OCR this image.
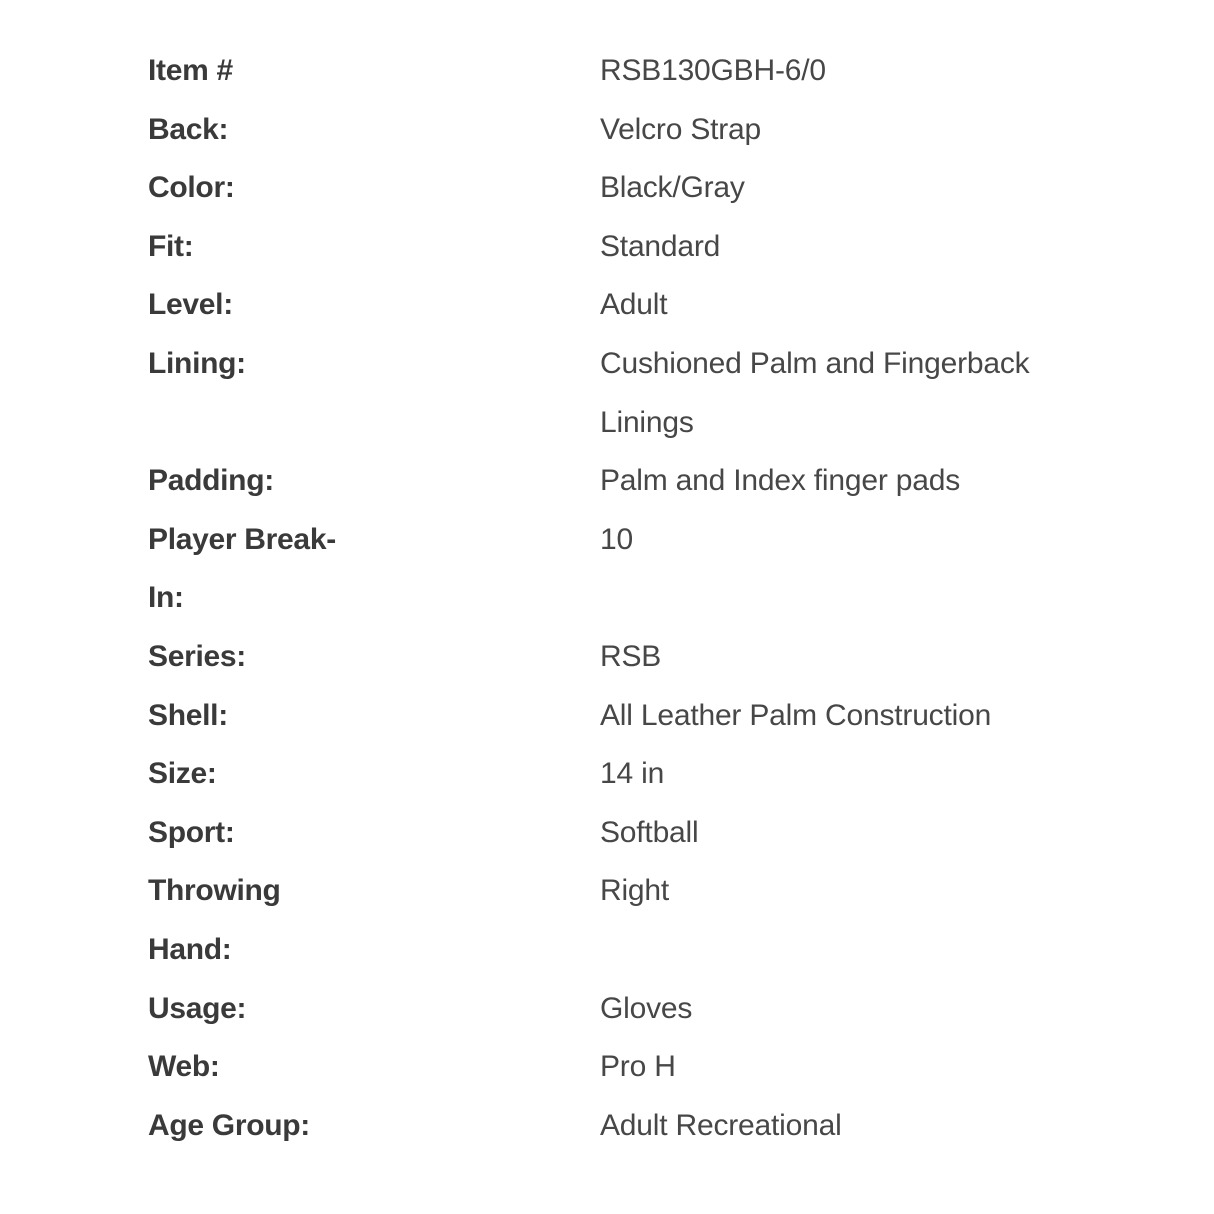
Item #	RSB130GBH-6/0
Back:	Velcro Strap
Color:	Black/Gray
Fit:	Standard
Level:	Adult
Lining:	Cushioned Palm and Fingerback Linings
Padding:	Palm and Index finger pads
Player Break-In:
10
Series:	RSB
Shell:	All Leather Palm Construction
Size:	14 in
Sport:	Softball
Throwing Hand:
Right
Usage:	Gloves
Web:	Pro H
Age Group:	Adult Recreational
